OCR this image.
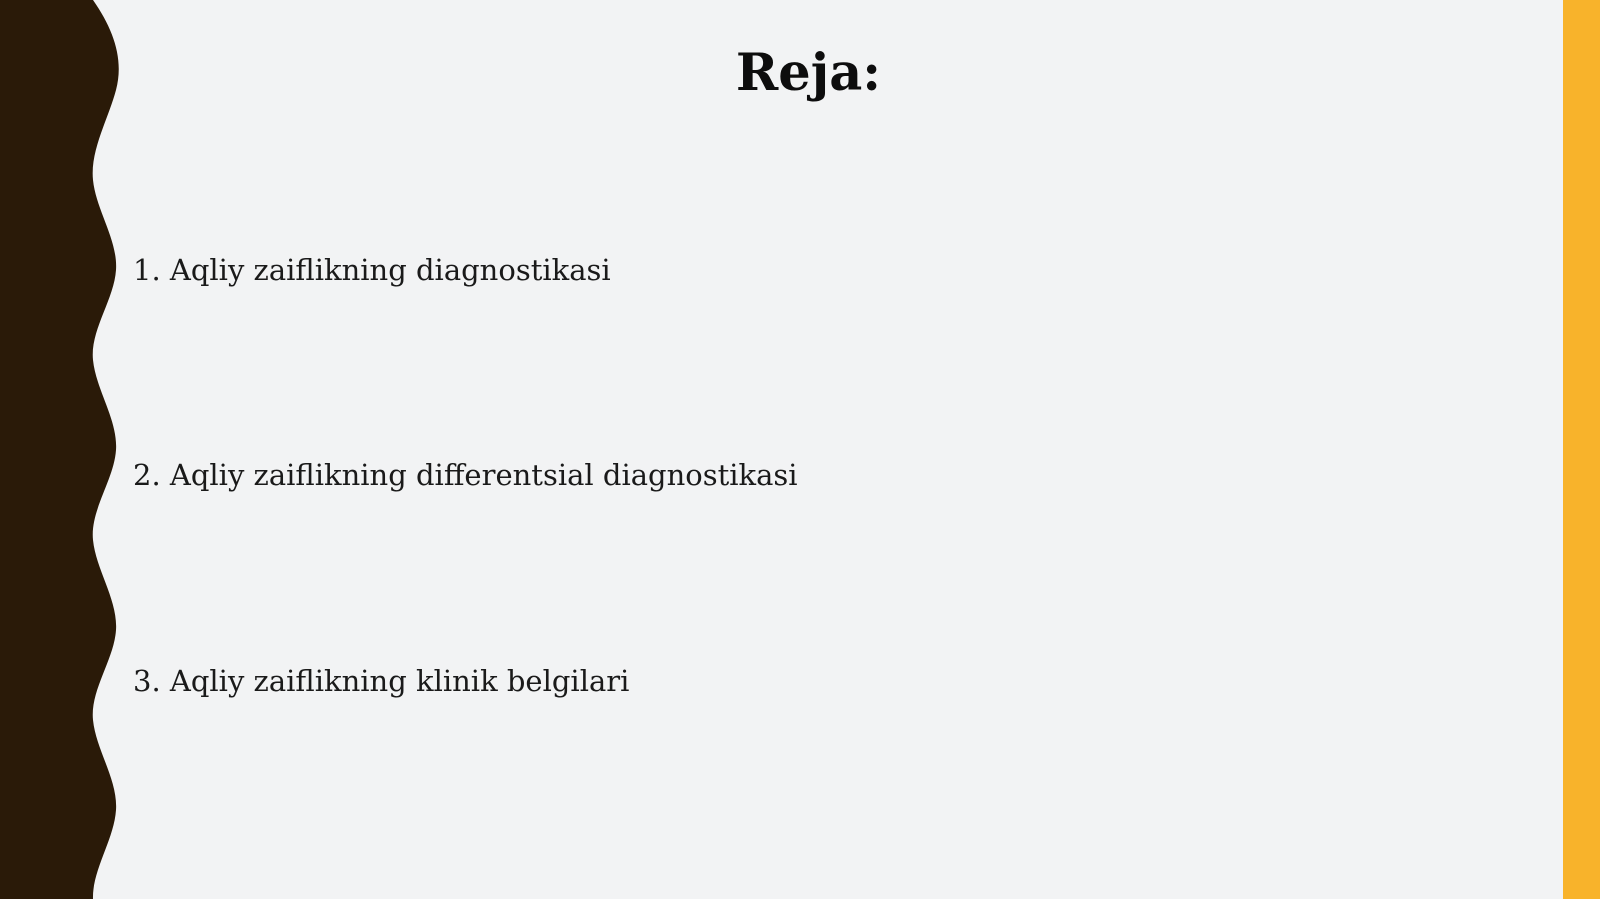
Reja:

1. Aqliy zaiflikning diagnostikasi

2. Aqliy zaiflikning differentsial diagnostikasi

3. Aqliy zaiflikning klinik belgilari
